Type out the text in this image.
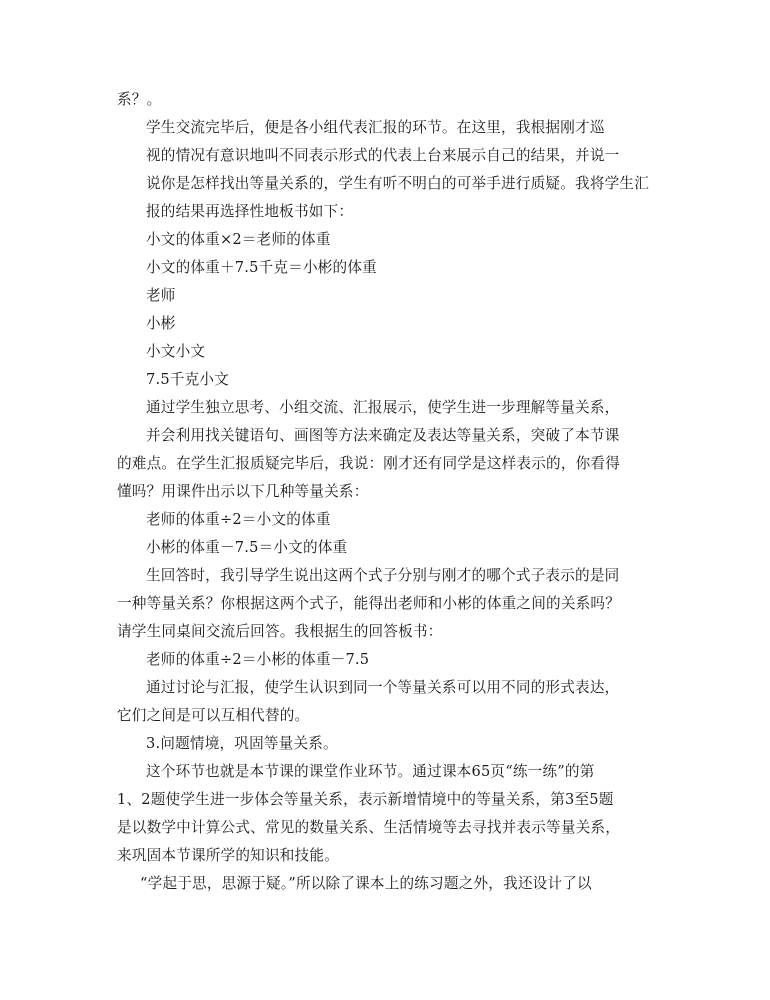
系？。
学生交流完毕后，便是各小组代表汇报的环节。在这里，我根据刚才巡
视的情况有意识地叫不同表示形式的代表上台来展示自己的结果，并说一
说你是怎样找出等量关系的，学生有听不明白的可举手进行质疑。我将学生汇
报的结果再选择性地板书如下：
小文的体重×2＝老师的体重
小文的体重＋7.5千克＝小彬的体重
老师
小彬
小文小文
7.5千克小文
通过学生独立思考、小组交流、汇报展示，使学生进一步理解等量关系，
并会利用找关键语句、画图等方法来确定及表达等量关系，突破了本节课
的难点。在学生汇报质疑完毕后，我说：刚才还有同学是这样表示的，你看得
懂吗？用课件出示以下几种等量关系：
老师的体重÷2＝小文的体重
小彬的体重－7.5＝小文的体重
生回答时，我引导学生说出这两个式子分别与刚才的哪个式子表示的是同
一种等量关系？你根据这两个式子，能得出老师和小彬的体重之间的关系吗？
请学生同桌间交流后回答。我根据生的回答板书：
老师的体重÷2＝小彬的体重－7.5
通过讨论与汇报，使学生认识到同一个等量关系可以用不同的形式表达，
它们之间是可以互相代替的。
3.问题情境，巩固等量关系。
这个环节也就是本节课的课堂作业环节。通过课本65页“练一练”的第
1、2题使学生进一步体会等量关系，表示新增情境中的等量关系，第3至5题
是以数学中计算公式、常见的数量关系、生活情境等去寻找并表示等量关系，
来巩固本节课所学的知识和技能。
“学起于思，思源于疑。”所以除了课本上的练习题之外，我还设计了以
